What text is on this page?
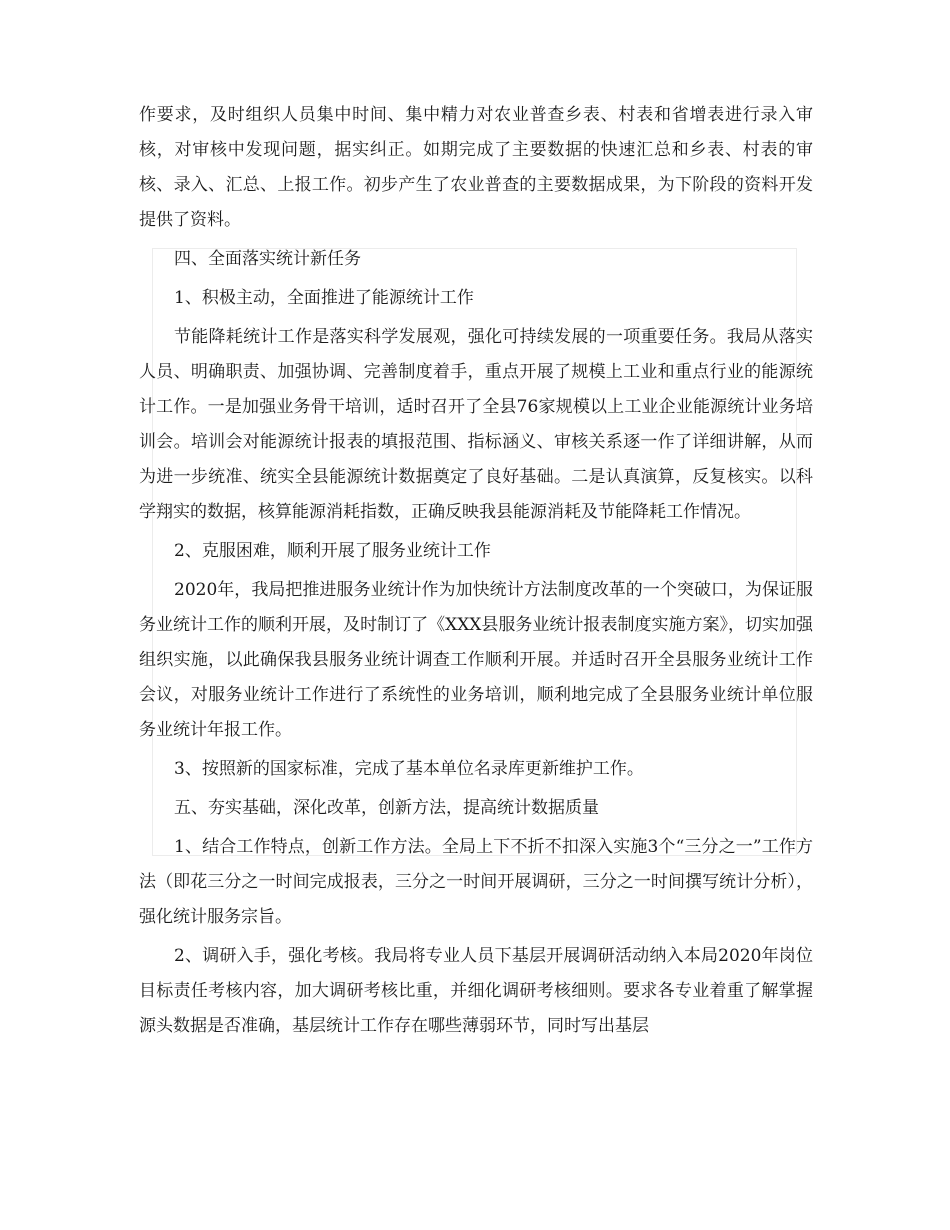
作要求，及时组织人员集中时间、集中精力对农业普查乡表、村表和省增表进行录入审核，对审核中发现问题，据实纠正。如期完成了主要数据的快速汇总和乡表、村表的审核、录入、汇总、上报工作。初步产生了农业普查的主要数据成果，为下阶段的资料开发提供了资料。

四、全面落实统计新任务

1、积极主动，全面推进了能源统计工作

节能降耗统计工作是落实科学发展观，强化可持续发展的一项重要任务。我局从落实人员、明确职责、加强协调、完善制度着手，重点开展了规模上工业和重点行业的能源统计工作。一是加强业务骨干培训，适时召开了全县76家规模以上工业企业能源统计业务培训会。培训会对能源统计报表的填报范围、指标涵义、审核关系逐一作了详细讲解，从而为进一步统准、统实全县能源统计数据奠定了良好基础。二是认真演算，反复核实。以科学翔实的数据，核算能源消耗指数，正确反映我县能源消耗及节能降耗工作情况。

2、克服困难，顺利开展了服务业统计工作

2020年，我局把推进服务业统计作为加快统计方法制度改革的一个突破口，为保证服务业统计工作的顺利开展，及时制订了《XXX县服务业统计报表制度实施方案》，切实加强组织实施，以此确保我县服务业统计调查工作顺利开展。并适时召开全县服务业统计工作会议，对服务业统计工作进行了系统性的业务培训，顺利地完成了全县服务业统计单位服务业统计年报工作。

3、按照新的国家标准，完成了基本单位名录库更新维护工作。

五、夯实基础，深化改革，创新方法，提高统计数据质量

1、结合工作特点，创新工作方法。全局上下不折不扣深入实施3个“三分之一”工作方法（即花三分之一时间完成报表，三分之一时间开展调研，三分之一时间撰写统计分析），强化统计服务宗旨。

2、调研入手，强化考核。我局将专业人员下基层开展调研活动纳入本局2020年岗位目标责任考核内容，加大调研考核比重，并细化调研考核细则。要求各专业着重了解掌握源头数据是否准确，基层统计工作存在哪些薄弱环节，同时写出基层
